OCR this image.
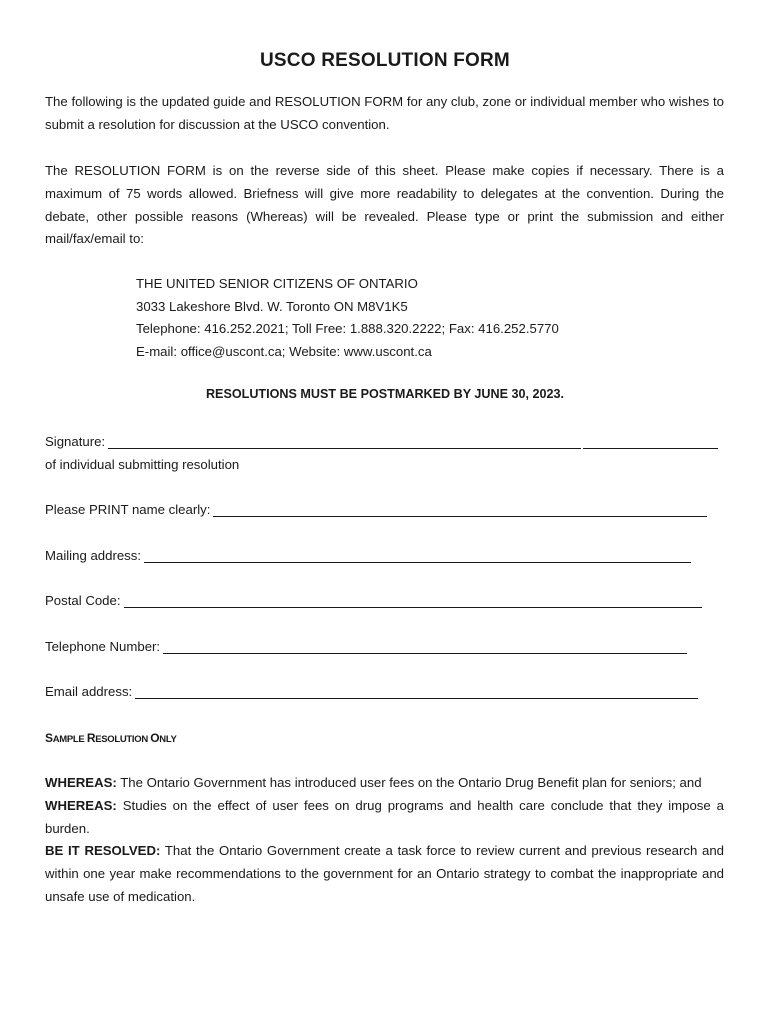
USCO RESOLUTION FORM

The following is the updated guide and RESOLUTION FORM for any club, zone or individual member who wishes to submit a resolution for discussion at the USCO convention.

The RESOLUTION FORM is on the reverse side of this sheet. Please make copies if necessary. There is a maximum of 75 words allowed. Briefness will give more readability to delegates at the convention. During the debate, other possible reasons (Whereas) will be revealed. Please type or print the submission and either mail/fax/email to:

THE UNITED SENIOR CITIZENS OF ONTARIO
3033 Lakeshore Blvd. W. Toronto ON M8V1K5
Telephone: 416.252.2021; Toll Free: 1.888.320.2222; Fax: 416.252.5770
E-mail: office@uscont.ca; Website: www.uscont.ca
RESOLUTIONS MUST BE POSTMARKED BY JUNE 30, 2023.
Signature:
of individual submitting resolution
Please PRINT name clearly:
Mailing address:
Postal Code:
Telephone Number:
Email address:
SAMPLE RESOLUTION ONLY

WHEREAS: The Ontario Government has introduced user fees on the Ontario Drug Benefit plan for seniors; and
WHEREAS: Studies on the effect of user fees on drug programs and health care conclude that they impose a burden.
BE IT RESOLVED: That the Ontario Government create a task force to review current and previous research and within one year make recommendations to the government for an Ontario strategy to combat the inappropriate and unsafe use of medication.
